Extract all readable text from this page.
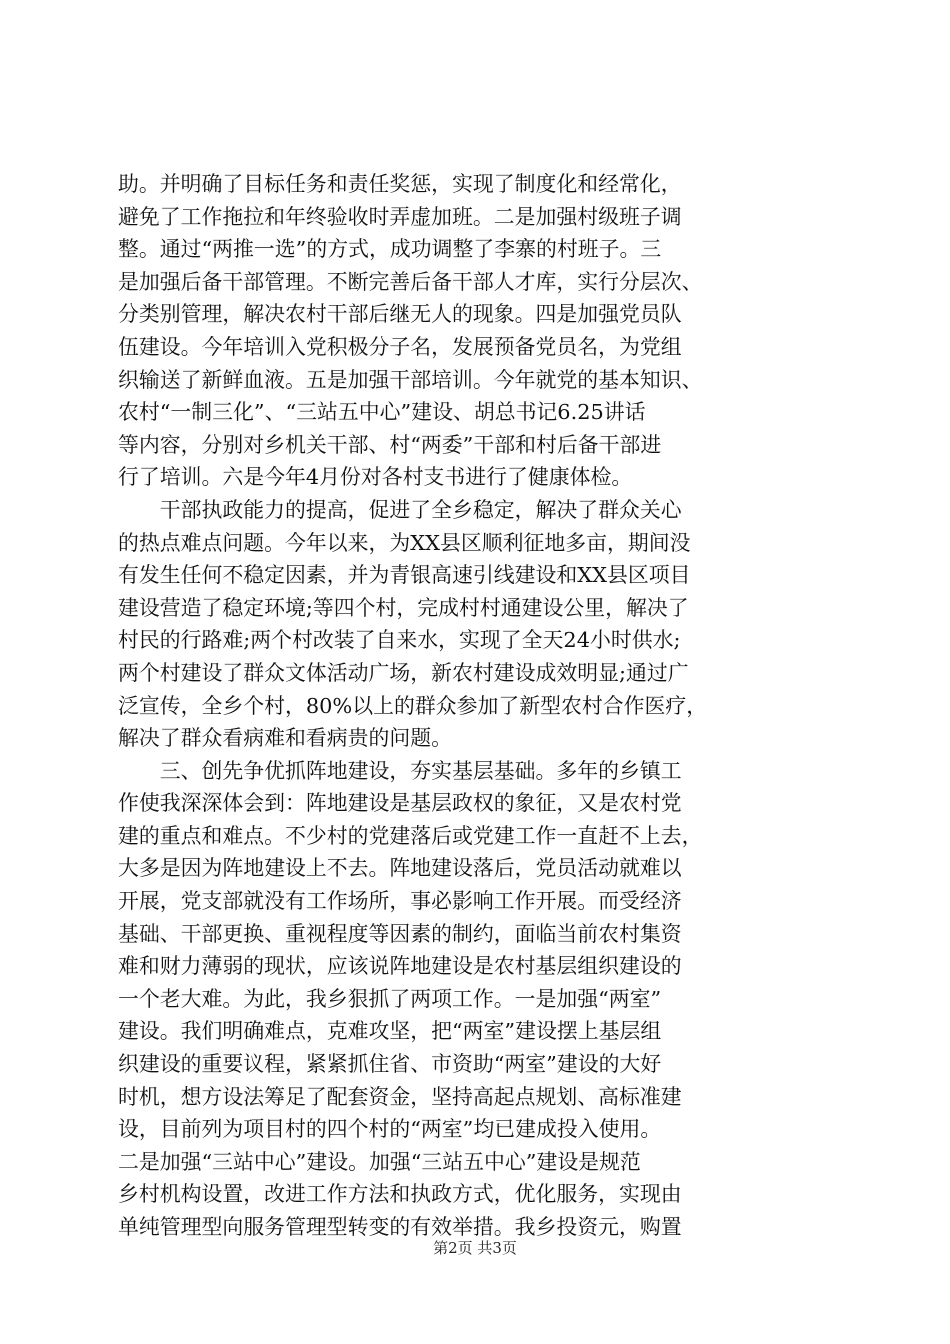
助。并明确了目标任务和责任奖惩，实现了制度化和经常化，
避免了工作拖拉和年终验收时弄虚加班。二是加强村级班子调
整。通过“两推一选”的方式，成功调整了李寨的村班子。三
是加强后备干部管理。不断完善后备干部人才库，实行分层次、
分类别管理，解决农村干部后继无人的现象。四是加强党员队
伍建设。今年培训入党积极分子名，发展预备党员名，为党组
织输送了新鲜血液。五是加强干部培训。今年就党的基本知识、
农村“一制三化”、“三站五中心”建设、胡总书记6.25讲话
等内容，分别对乡机关干部、村“两委”干部和村后备干部进
行了培训。六是今年4月份对各村支书进行了健康体检。
　　干部执政能力的提高，促进了全乡稳定，解决了群众关心
的热点难点问题。今年以来，为XX县区顺利征地多亩，期间没
有发生任何不稳定因素，并为青银高速引线建设和XX县区项目
建设营造了稳定环境;等四个村，完成村村通建设公里，解决了
村民的行路难;两个村改装了自来水，实现了全天24小时供水;
两个村建设了群众文体活动广场，新农村建设成效明显;通过广
泛宣传，全乡个村，80%以上的群众参加了新型农村合作医疗，
解决了群众看病难和看病贵的问题。
　　三、创先争优抓阵地建设，夯实基层基础。多年的乡镇工
作使我深深体会到：阵地建设是基层政权的象征，又是农村党
建的重点和难点。不少村的党建落后或党建工作一直赶不上去，
大多是因为阵地建设上不去。阵地建设落后，党员活动就难以
开展，党支部就没有工作场所，事必影响工作开展。而受经济
基础、干部更换、重视程度等因素的制约，面临当前农村集资
难和财力薄弱的现状，应该说阵地建设是农村基层组织建设的
一个老大难。为此，我乡狠抓了两项工作。一是加强“两室”
建设。我们明确难点，克难攻坚，把“两室”建设摆上基层组
织建设的重要议程，紧紧抓住省、市资助“两室”建设的大好
时机，想方设法筹足了配套资金，坚持高起点规划、高标准建
设，目前列为项目村的四个村的“两室”均已建成投入使用。
二是加强“三站中心”建设。加强“三站五中心”建设是规范
乡村机构设置，改进工作方法和执政方式，优化服务，实现由
单纯管理型向服务管理型转变的有效举措。我乡投资元，购置
第2页 共3页
